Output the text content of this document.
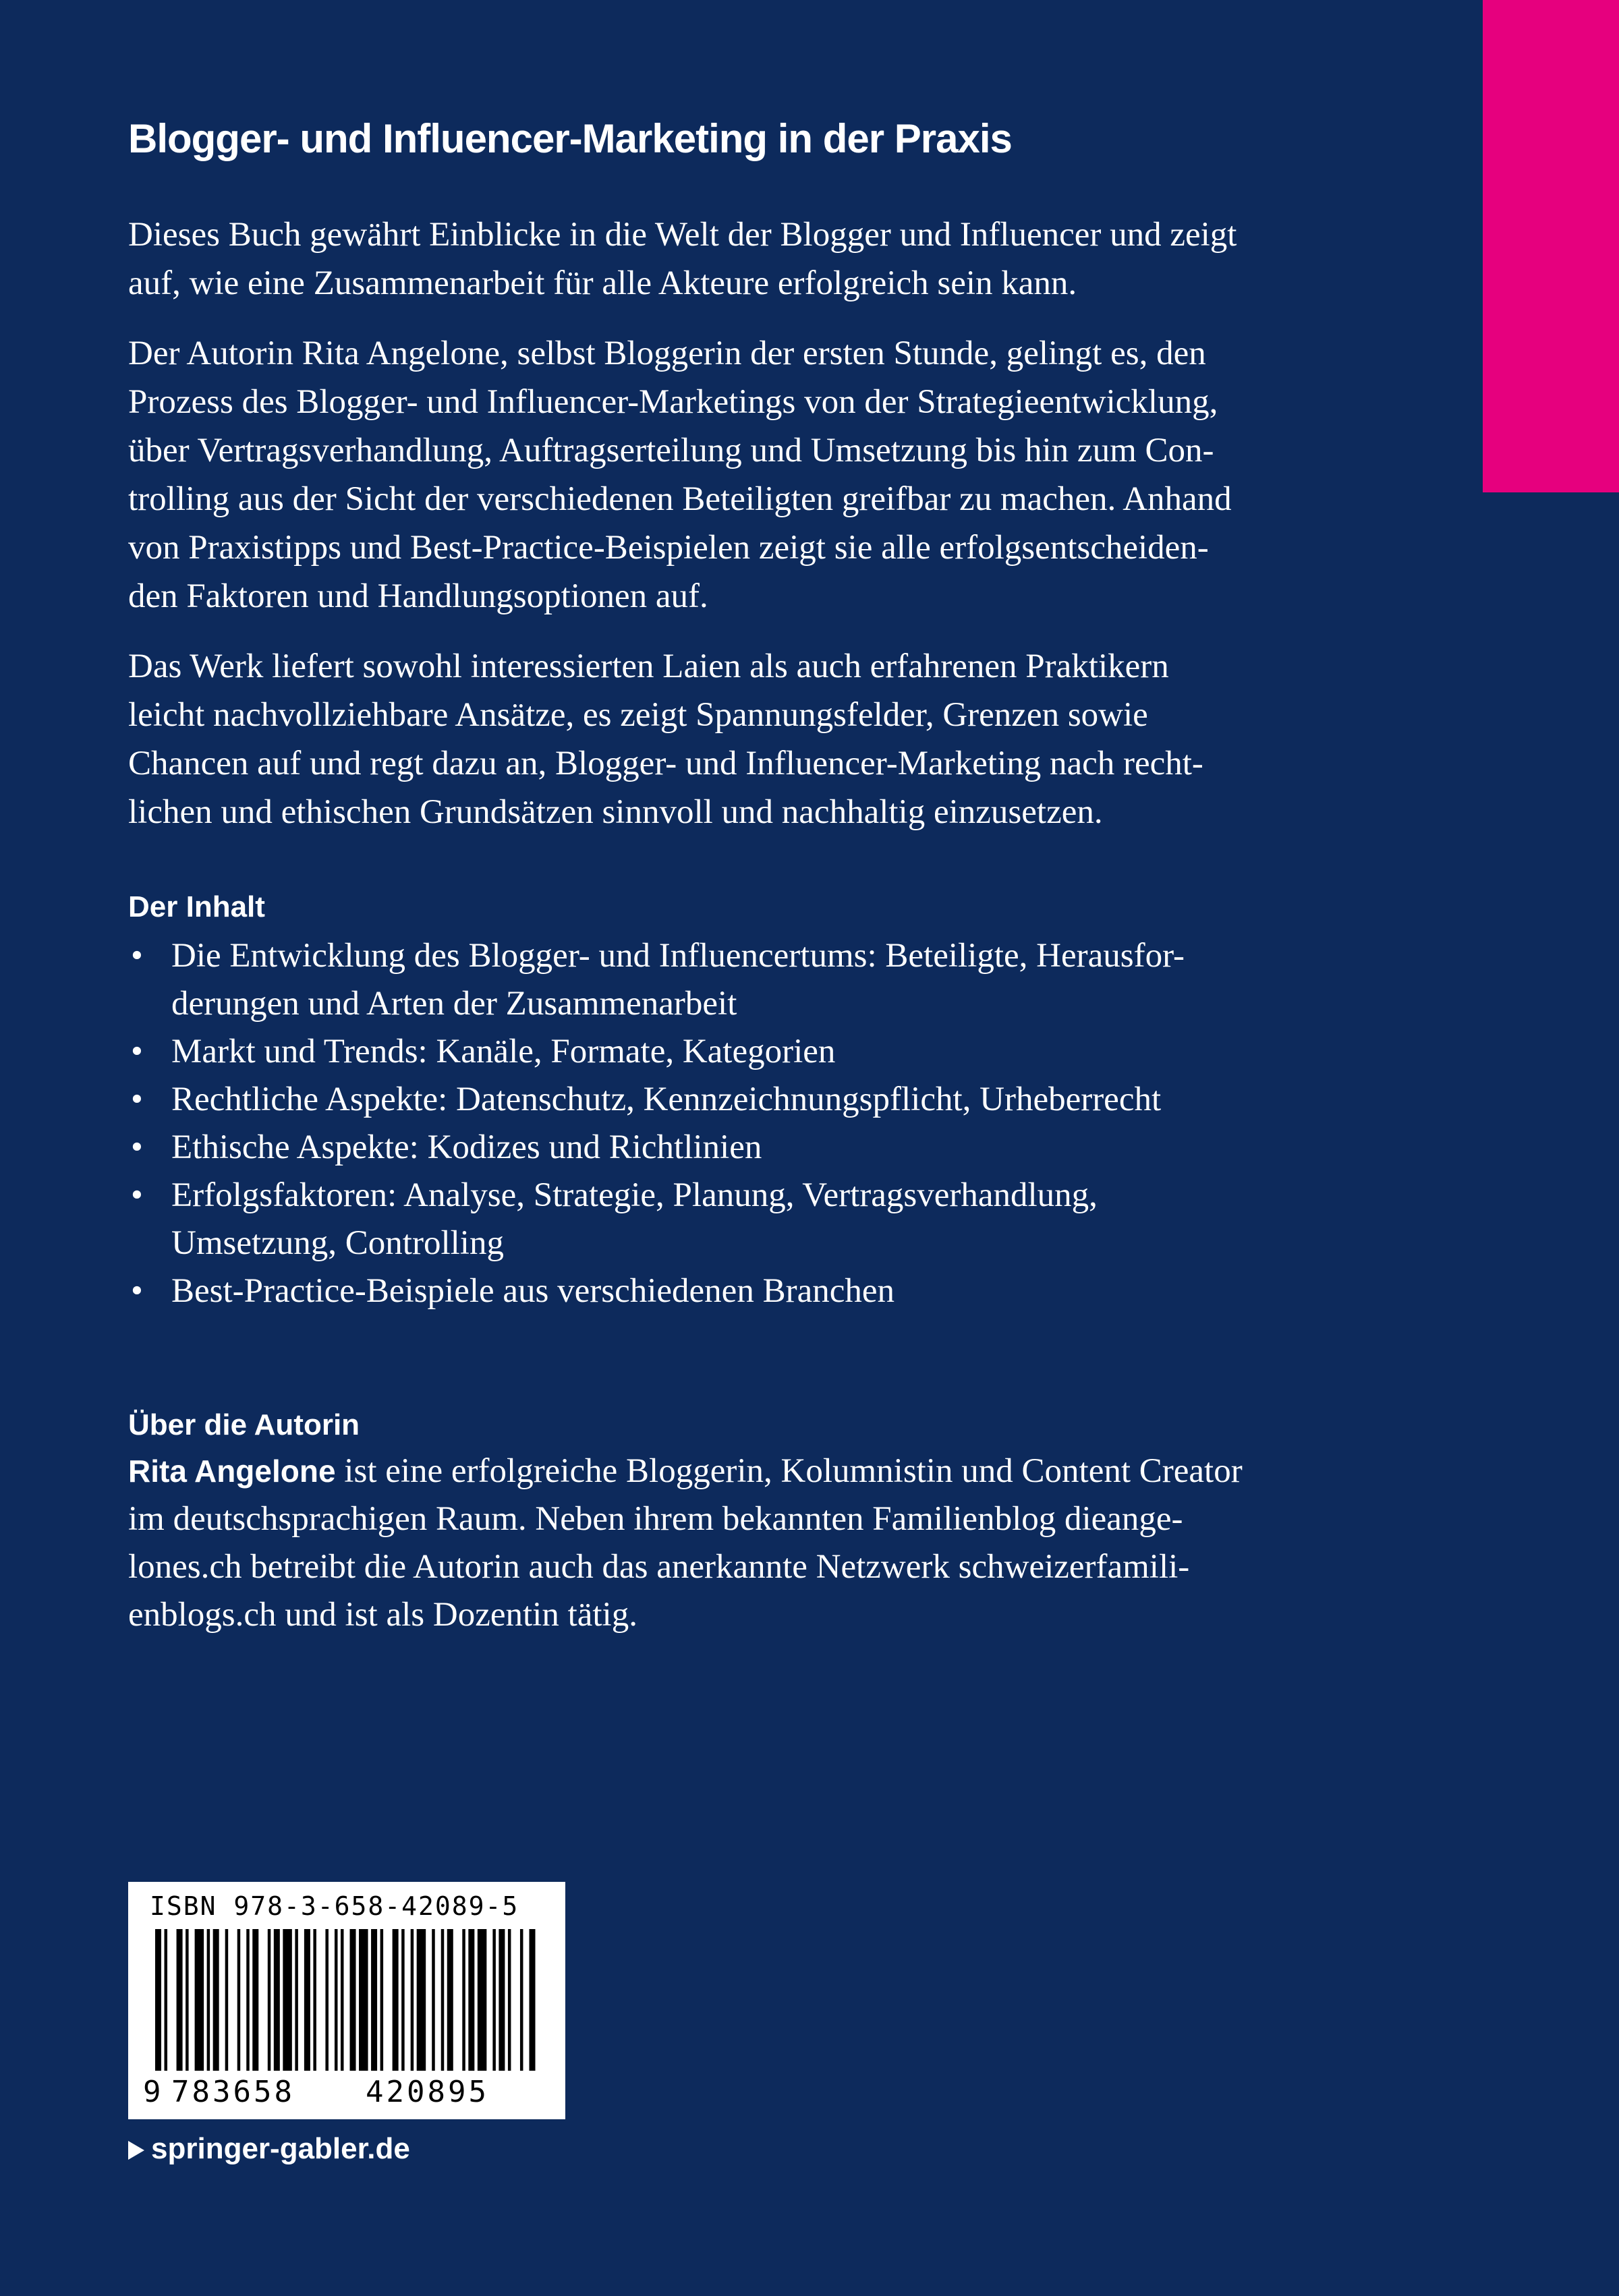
Blogger- und Influencer-Marketing in der Praxis

Dieses Buch gewährt Einblicke in die Welt der Blogger und Influencer und zeigt
auf, wie eine Zusammenarbeit für alle Akteure erfolgreich sein kann.

Der Autorin Rita Angelone, selbst Bloggerin der ersten Stunde, gelingt es, den
Prozess des Blogger- und Influencer-Marketings von der Strategieentwicklung,
über Vertragsverhandlung, Auftragserteilung und Umsetzung bis hin zum Con-
trolling aus der Sicht der verschiedenen Beteiligten greifbar zu machen. Anhand
von Praxistipps und Best-Practice-Beispielen zeigt sie alle erfolgsentscheiden-
den Faktoren und Handlungsoptionen auf.

Das Werk liefert sowohl interessierten Laien als auch erfahrenen Praktikern
leicht nachvollziehbare Ansätze, es zeigt Spannungsfelder, Grenzen sowie
Chancen auf und regt dazu an, Blogger- und Influencer-Marketing nach recht-
lichen und ethischen Grundsätzen sinnvoll und nachhaltig einzusetzen.

Der Inhalt
• Die Entwicklung des Blogger- und Influencertums: Beteiligte, Herausfor-
derungen und Arten der Zusammenarbeit
• Markt und Trends: Kanäle, Formate, Kategorien
• Rechtliche Aspekte: Datenschutz, Kennzeichnungspflicht, Urheberrecht
• Ethische Aspekte: Kodizes und Richtlinien
• Erfolgsfaktoren: Analyse, Strategie, Planung, Vertragsverhandlung,
Umsetzung, Controlling
• Best-Practice-Beispiele aus verschiedenen Branchen
Über die Autorin

Rita Angelone ist eine erfolgreiche Bloggerin, Kolumnistin und Content Creator
im deutschsprachigen Raum. Neben ihrem bekannten Familienblog dieange-
lones.ch betreibt die Autorin auch das anerkannte Netzwerk schweizerfamili-
enblogs.ch und ist als Dozentin tätig.

ISBN 978-3-658-42089-5
9 783658 420895
springer-gabler.de
